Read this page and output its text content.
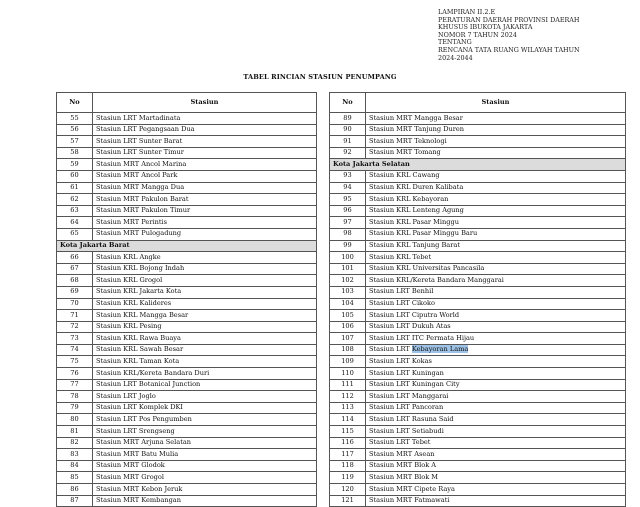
LAMPIRAN II.2.E
PERATURAN DAERAH PROVINSI DAERAH
KHUSUS IBUKOTA JAKARTA
NOMOR 7 TAHUN 2024
TENTANG
RENCANA TATA RUANG WILAYAH TAHUN
2024-2044
TABEL RINCIAN STASIUN PENUMPANG
No	Stasiun
55	Stasiun LRT Martadinata
56	Stasiun LRT Pegangsaan Dua
57	Stasiun LRT Sunter Barat
58	Stasiun LRT Sunter Timur
59	Stasiun MRT Ancol Marina
60	Stasiun MRT Ancol Park
61	Stasiun MRT Mangga Dua
62	Stasiun MRT Pakulon Barat
63	Stasiun MRT Pakulon Timur
64	Stasiun MRT Perintis
65	Stasiun MRT Pulogadung
Kota Jakarta Barat	
66	Stasiun KRL Angke
67	Stasiun KRL Bojong Indah
68	Stasiun KRL Grogol
69	Stasiun KRL Jakarta Kota
70	Stasiun KRL Kalideres
71	Stasiun KRL Mangga Besar
72	Stasiun KRL Pesing
73	Stasiun KRL Rawa Buaya
74	Stasiun KRL Sawah Besar
75	Stasiun KRL Taman Kota
76	Stasiun KRL/Kereta Bandara Duri
77	Stasiun LRT Botanical Junction
78	Stasiun LRT Joglo
79	Stasiun LRT Komplek DKI
80	Stasiun LRT Pos Pengumben
81	Stasiun LRT Srengseng
82	Stasiun MRT Arjuna Selatan
83	Stasiun MRT Batu Mulia
84	Stasiun MRT Glodok
85	Stasiun MRT Grogol
86	Stasiun MRT Kebon Jeruk
87	Stasiun MRT Kembangan
No	Stasiun
89	Stasiun MRT Mangga Besar
90	Stasiun MRT Tanjung Duren
91	Stasiun MRT Teknologi
92	Stasiun MRT Tomang
Kota Jakarta Selatan	
93	Stasiun KRL Cawang
94	Stasiun KRL Duren Kalibata
95	Stasiun KRL Kebayoran
96	Stasiun KRL Lenteng Agung
97	Stasiun KRL Pasar Minggu
98	Stasiun KRL Pasar Minggu Baru
99	Stasiun KRL Tanjung Barat
100	Stasiun KRL Tebet
101	Stasiun KRL Universitas Pancasila
102	Stasiun KRL/Kereta Bandara Manggarai
103	Stasiun LRT Benhil
104	Stasiun LRT Cikoko
105	Stasiun LRT Ciputra World
106	Stasiun LRT Dukuh Atas
107	Stasiun LRT ITC Permata Hijau
108	Stasiun LRT Kebayoran Lama
109	Stasiun LRT Kokas
110	Stasiun LRT Kuningan
111	Stasiun LRT Kuningan City
112	Stasiun LRT Manggarai
113	Stasiun LRT Pancoran
114	Stasiun LRT Rasuna Said
115	Stasiun LRT Setiabudi
116	Stasiun LRT Tebet
117	Stasiun MRT Asean
118	Stasiun MRT Blok A
119	Stasiun MRT Blok M
120	Stasiun MRT Cipete Raya
121	Stasiun MRT Fatmawati
